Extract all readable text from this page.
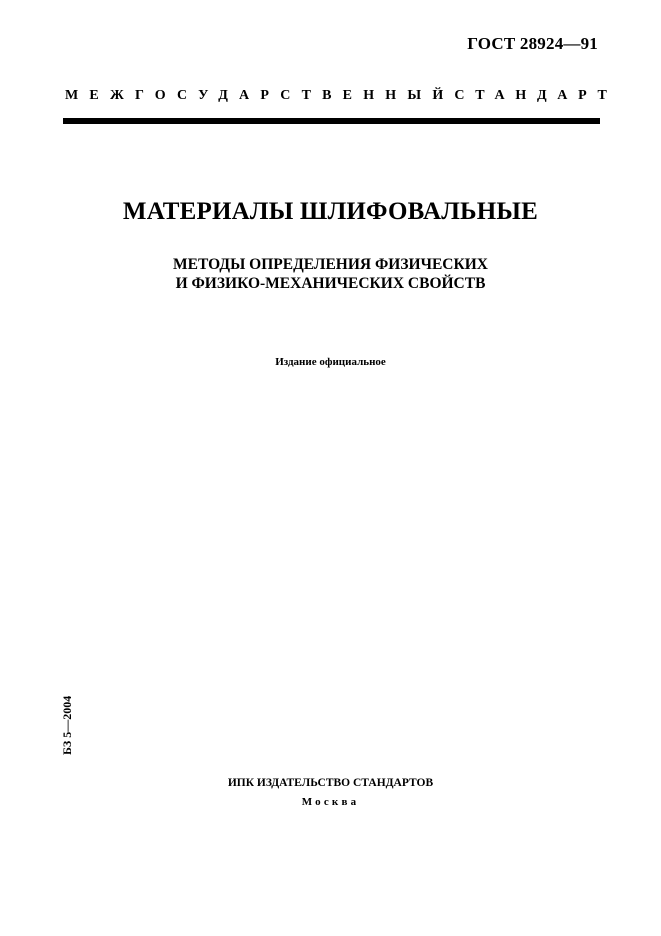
ГОСТ 28924—91
МЕЖГОСУДАРСТВЕННЫЙ СТАНДАРТ
МАТЕРИАЛЫ ШЛИФОВАЛЬНЫЕ
МЕТОДЫ ОПРЕДЕЛЕНИЯ ФИЗИЧЕСКИХ
И ФИЗИКО-МЕХАНИЧЕСКИХ СВОЙСТВ
Издание официальное
БЗ 5—2004
ИПК ИЗДАТЕЛЬСТВО СТАНДАРТОВ
Москва
